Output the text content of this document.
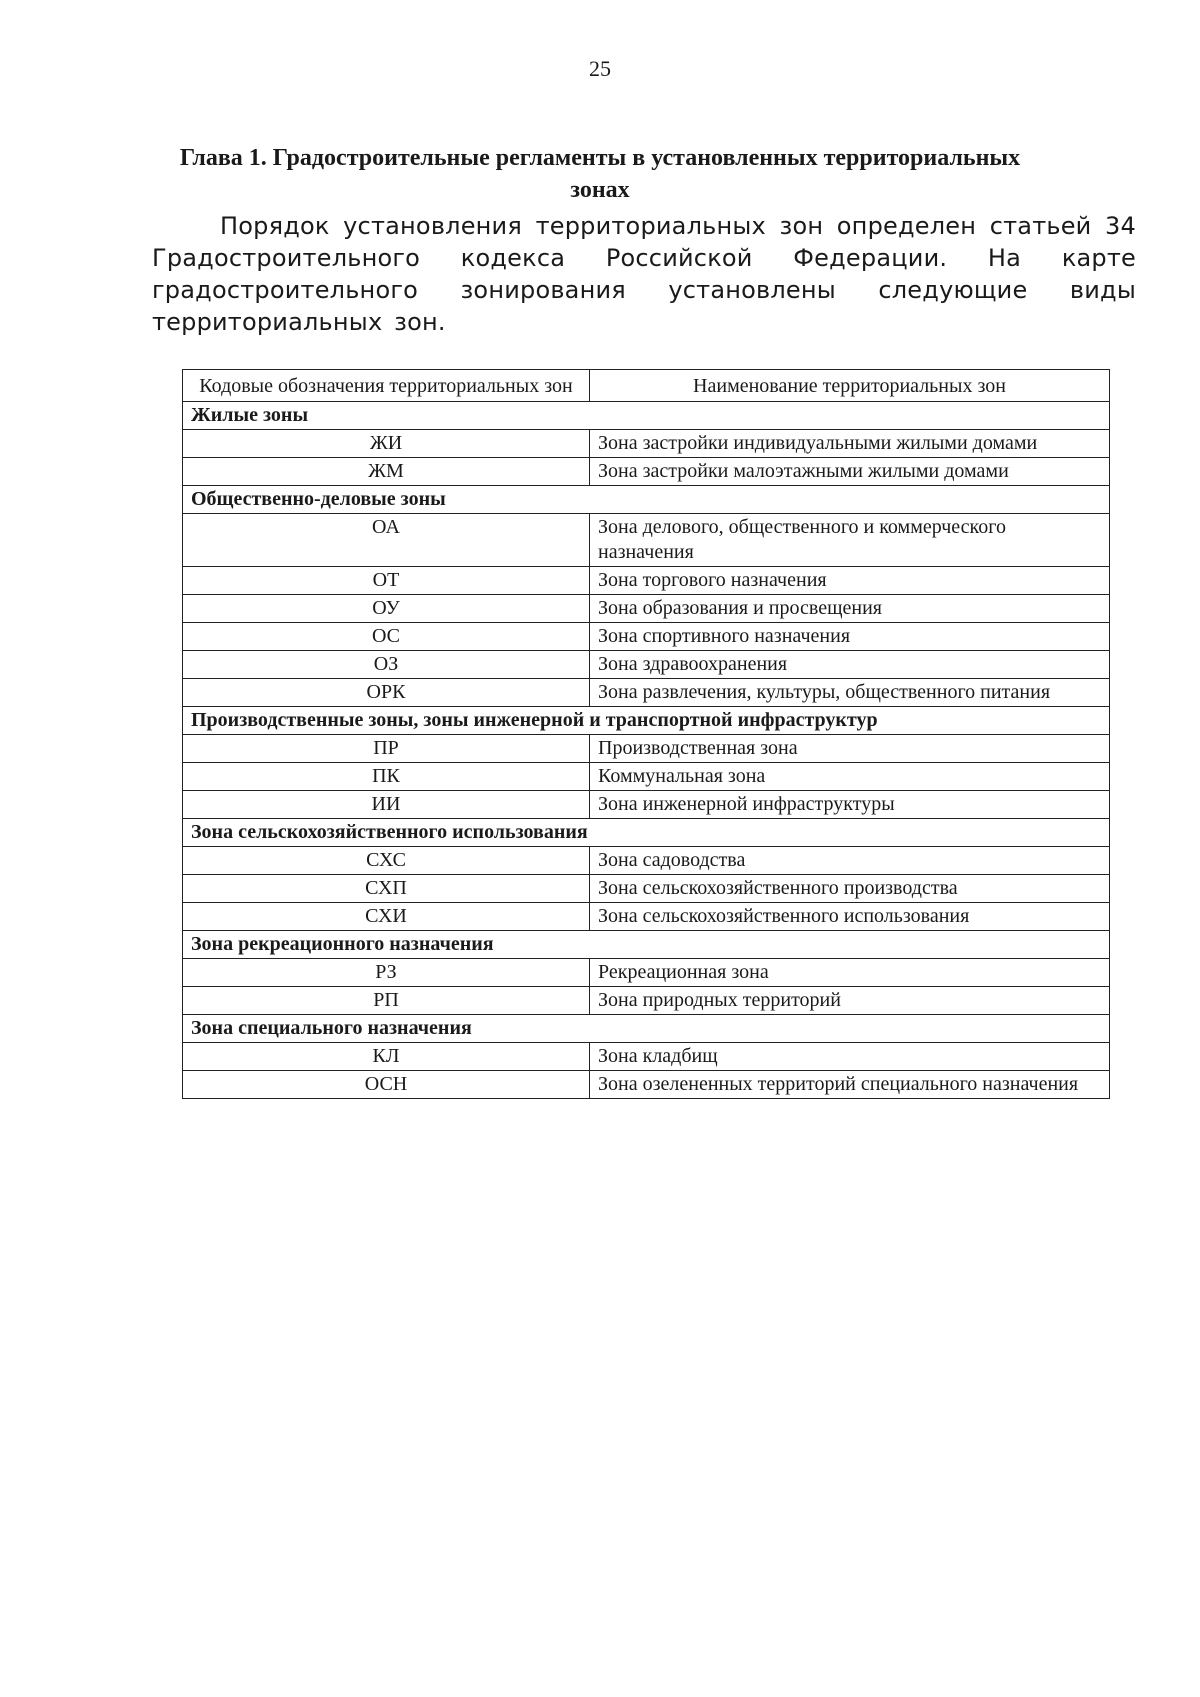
25
Глава 1. Градостроительные регламенты в установленных территориальных зонах

Порядок установления территориальных зон определен статьей 34 Градостроительного кодекса Российской Федерации. На карте градостроительного зонирования установлены следующие виды территориальных зон.

Кодовые обозначения территориальных зон	Наименование территориальных зон
Жилые зоны	
ЖИ	Зона застройки индивидуальными жилыми домами
ЖМ	Зона застройки малоэтажными жилыми домами
Общественно-деловые зоны	
ОА	Зона делового, общественного и коммерческого назначения
ОТ	Зона торгового назначения
ОУ	Зона образования и просвещения
ОС	Зона спортивного назначения
ОЗ	Зона здравоохранения
ОРК	Зона развлечения, культуры, общественного питания
Производственные зоны, зоны инженерной и транспортной инфраструктур	
ПР	Производственная зона
ПК	Коммунальная зона
ИИ	Зона инженерной инфраструктуры
Зона сельскохозяйственного использования	
СХС	Зона садоводства
СХП	Зона сельскохозяйственного производства
СХИ	Зона сельскохозяйственного использования
Зона рекреационного назначения	
РЗ	Рекреационная зона
РП	Зона природных территорий
Зона специального назначения	
КЛ	Зона кладбищ
ОСН	Зона озелененных территорий специального назначения
